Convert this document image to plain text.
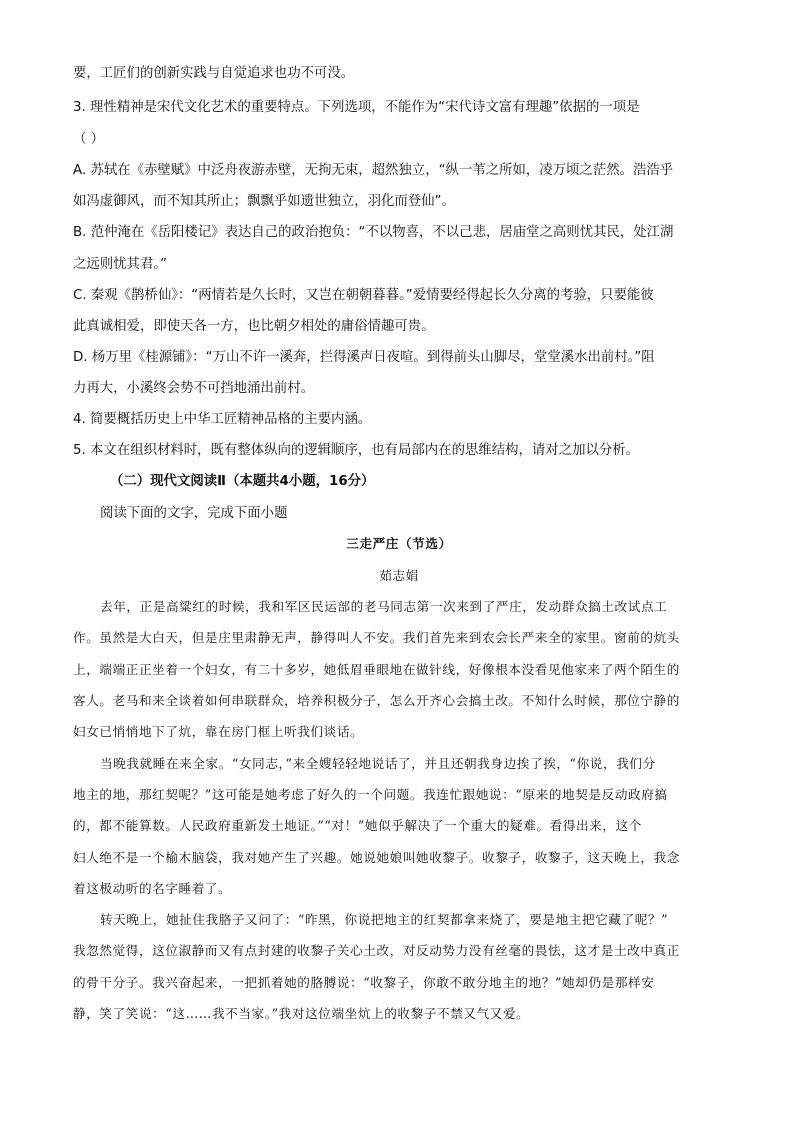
要，工匠们的创新实践与自觉追求也功不可没。
3. 理性精神是宋代文化艺术的重要特点。下列选项，不能作为“宋代诗文富有理趣”依据的一项是
（ ）
A. 苏轼在《赤壁赋》中泛舟夜游赤壁，无拘无束，超然独立，“纵一苇之所如，凌万顷之茫然。浩浩乎
如冯虚御风，而不知其所止；飘飘乎如遗世独立，羽化而登仙”。
B. 范仲淹在《岳阳楼记》表达自己的政治抱负：“不以物喜，不以己悲，居庙堂之高则忧其民，处江湖
之远则忧其君。”
C. 秦观《鹊桥仙》：“两情若是久长时，又岂在朝朝暮暮。”爱情要经得起长久分离的考验，只要能彼
此真诚相爱，即使天各一方，也比朝夕相处的庸俗情趣可贵。
D. 杨万里《桂源铺》：“万山不许一溪奔，拦得溪声日夜喧。到得前头山脚尽，堂堂溪水出前村。”阻
力再大，小溪终会势不可挡地涌出前村。
4. 简要概括历史上中华工匠精神品格的主要内涵。
5. 本文在组织材料时，既有整体纵向的逻辑顺序，也有局部内在的思维结构，请对之加以分析。
（二）现代文阅读Ⅱ（本题共4小题，16分）
阅读下面的文字，完成下面小题
三走严庄（节选）
茹志娟
去年，正是高粱红的时候，我和军区民运部的老马同志第一次来到了严庄，发动群众搞土改试点工
作。虽然是大白天，但是庄里肃静无声，静得叫人不安。我们首先来到农会长严来全的家里。窗前的炕头
上，端端正正坐着一个妇女，有二十多岁，她低眉垂眼地在做针线，好像根本没看见他家来了两个陌生的
客人。老马和来全谈着如何串联群众，培养积极分子，怎么开齐心会搞土改。不知什么时候，那位宁静的
妇女已悄悄地下了炕，靠在房门框上听我们谈话。
当晚我就睡在来全家。“女同志，”来全嫂轻轻地说话了，并且还朝我身边挨了挨，“你说，我们分
地主的地，那红契呢？”这可能是她考虑了好久的一个问题。我连忙跟她说：“原来的地契是反动政府搞
的，都不能算数。人民政府重新发土地证。”“对！”她似乎解决了一个重大的疑难。看得出来，这个
妇人绝不是一个榆木脑袋，我对她产生了兴趣。她说她娘叫她收黎子。收黎子，收黎子，这天晚上，我念
着这极动听的名字睡着了。
转天晚上，她扯住我胳子又问了：“昨黑，你说把地主的红契都拿来烧了，要是地主把它藏了呢？”
我忽然觉得，这位淑静而又有点封建的收黎子关心土改，对反动势力没有丝毫的畏怯，这才是土改中真正
的骨干分子。我兴奋起来，一把抓着她的胳膊说：“收黎子，你敢不敢分地主的地？”她却仍是那样安
静，笑了笑说：“这……我不当家。”我对这位端坐炕上的收黎子不禁又气又爱。
